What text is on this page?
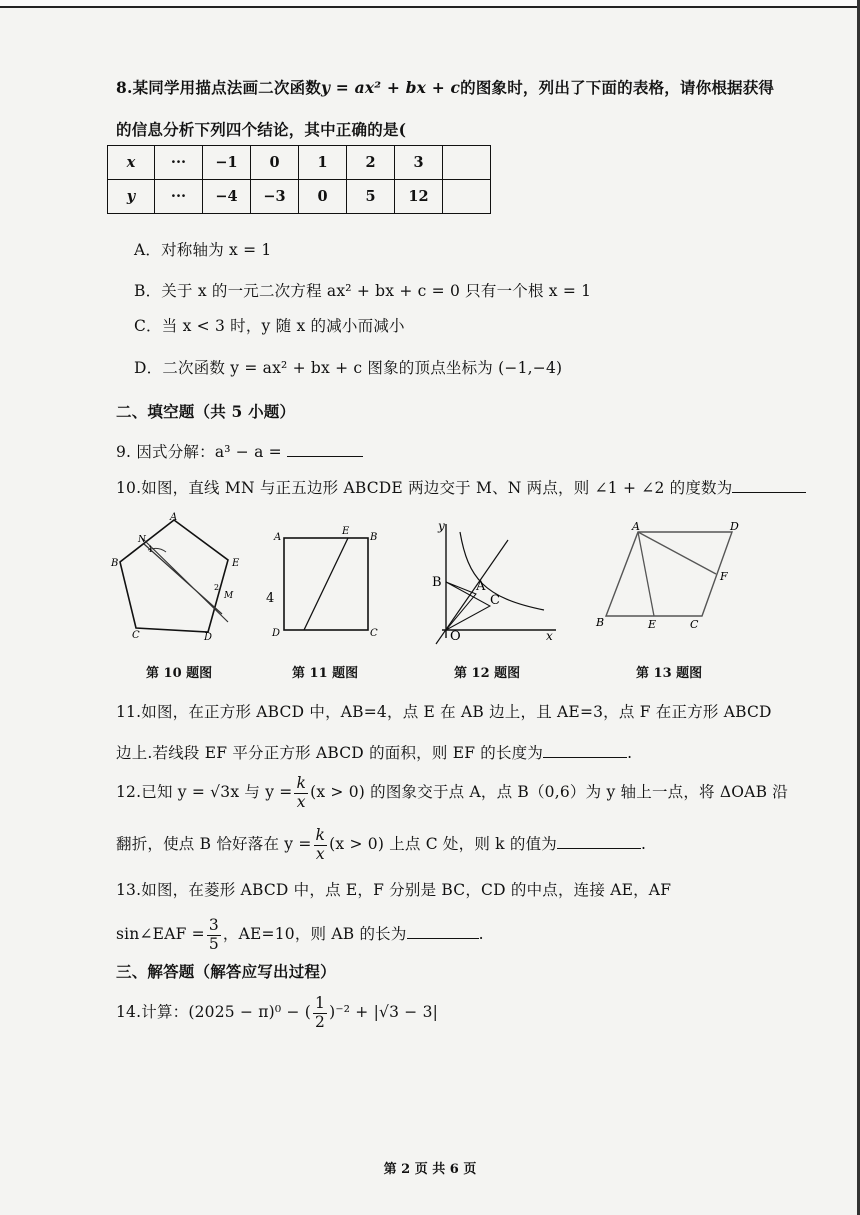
8.某同学用描点法画二次函数y = ax² + bx + c的图象时，列出了下面的表格，请你根据获得
的信息分析下列四个结论，其中正确的是(
x	···	−1	0	1	2	3	
y	···	−4	−3	0	5	12	
A．对称轴为 x = 1
B．关于 x 的一元二次方程 ax² + bx + c = 0 只有一个根 x = 1
C．当 x < 3 时，y 随 x 的减小而减小
D．二次函数 y = ax² + bx + c 图象的顶点坐标为 (−1,−4)
二、填空题（共 5 小题）
9. 因式分解：a³ − a =
10.如图，直线 MN 与正五边形 ABCDE 两边交于 M、N 两点，则 ∠1 + ∠2 的度数为
A
B
C	D
E
N
M
1
2
A
E
B
D	C
4
y
B	A
C
O	x
A	D
F
B	E	C
第 10 题图	第 11 题图	第 12 题图	第 13 题图
11.如图，在正方形 ABCD 中，AB=4，点 E 在 AB 边上，且 AE=3，点 F 在正方形 ABCD
边上.若线段 EF 平分正方形 ABCD 的面积，则 EF 的长度为	.
12.已知 y = √3x 与 $y = \frac{k}{x} (x > 0)$ 的图象交于点 A，点 B（0,6）为 y 轴上一点，将 ΔOAB 沿
翻折，使点 B 恰好落在 $y = \frac{k}{x} (x > 0)$ 上点 C 处，则 k 的值为	.
13.如图，在菱形 ABCD 中，点 E，F 分别是 BC，CD 的中点，连接 AE，AF
sin∠EAF = $\frac{3}{5}$ ，AE=10，则 AB 的长为	.
三、解答题（解答应写出过程）
14.计算：(2025 − π)⁰ − ( $\frac{1}{2} )^{-2} + |√3 - 3|$
第 2 页 共 6 页
